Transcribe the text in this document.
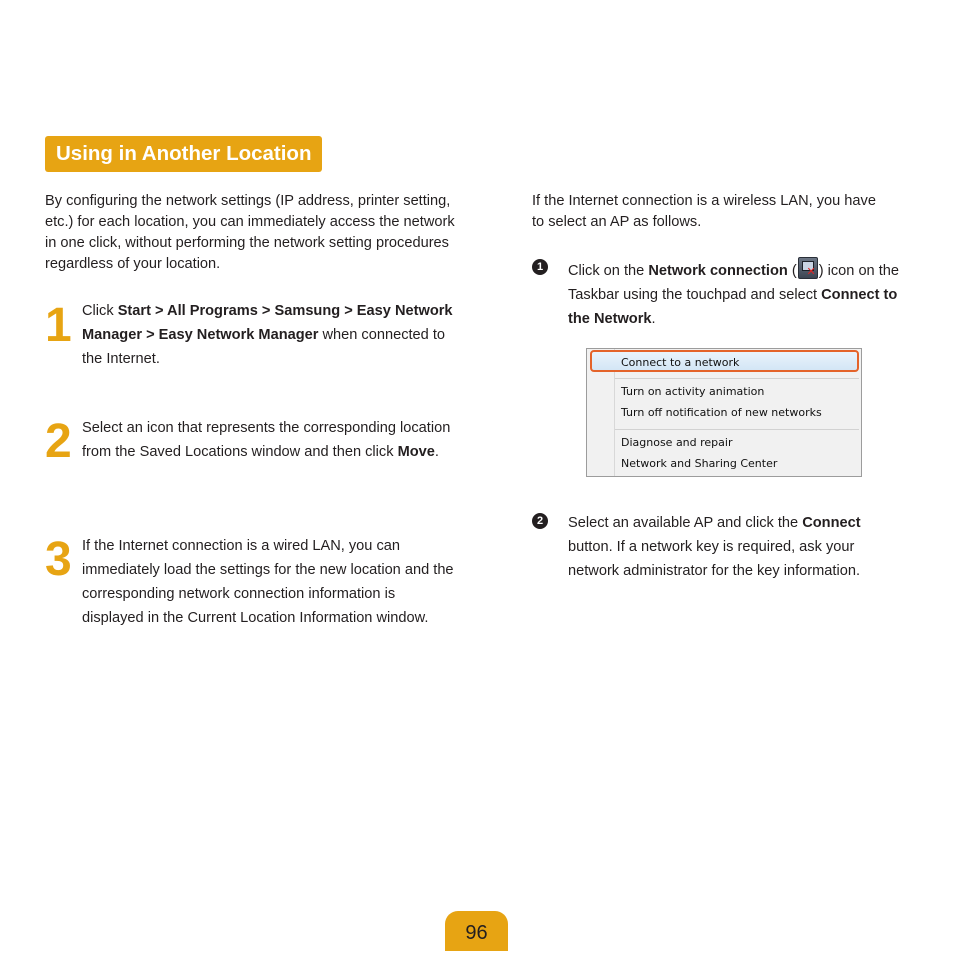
Using in Another Location

By configuring the network settings (IP address, printer setting, etc.) for each location, you can immediately access the network in one click, without performing the network setting procedures regardless of your location.

1 Click Start > All Programs > Samsung > Easy Network Manager > Easy Network Manager when connected to the Internet.

2 Select an icon that represents the corresponding location from the Saved Locations window and then click Move.

3 If the Internet connection is a wired LAN, you can immediately load the settings for the new location and the corresponding network connection information is displayed in the Current Location Information window.

If the Internet connection is a wireless LAN, you have to select an AP as follows.

1	Click on the Network connection ( ✕ ) icon on the Taskbar using the touchpad and select Connect to the Network.

Connect to a network
Turn on activity animation
Turn off notification of new networks
Diagnose and repair
Network and Sharing Center
2	Select an available AP and click the Connect button. If a network key is required, ask your network administrator for the key information.

96
